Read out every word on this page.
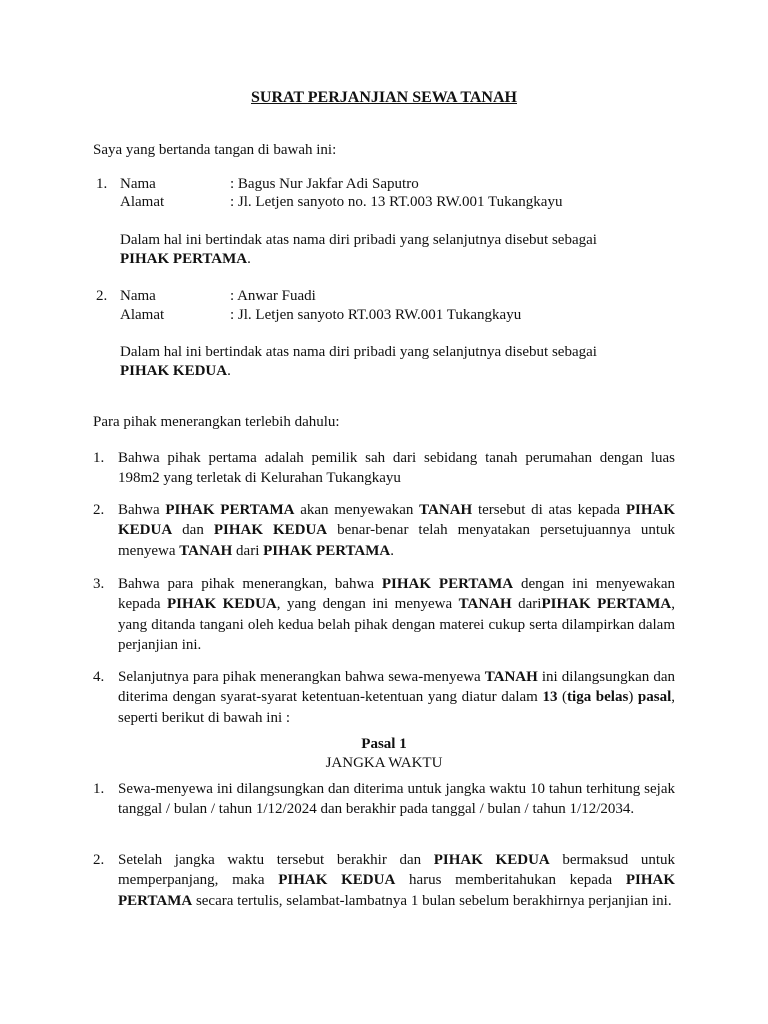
SURAT PERJANJIAN SEWA TANAH
Saya yang bertanda tangan di bawah ini:
1. Nama	: Bagus Nur Jakfar Adi Saputro
Alamat	: Jl. Letjen sanyoto no. 13 RT.003 RW.001 Tukangkayu
Dalam hal ini bertindak atas nama diri pribadi yang selanjutnya disebut sebagai
PIHAK PERTAMA.
2. Nama	: Anwar Fuadi
Alamat	: Jl. Letjen sanyoto RT.003 RW.001 Tukangkayu
Dalam hal ini bertindak atas nama diri pribadi yang selanjutnya disebut sebagai
PIHAK KEDUA.
Para pihak menerangkan terlebih dahulu:
1. Bahwa pihak pertama adalah pemilik sah dari sebidang tanah perumahan dengan luas 198m2 yang terletak di Kelurahan Tukangkayu
2. Bahwa PIHAK PERTAMA akan menyewakan TANAH tersebut di atas kepada PIHAK KEDUA dan PIHAK KEDUA benar-benar telah menyatakan persetujuannya untuk menyewa TANAH dari PIHAK PERTAMA.
3. Bahwa para pihak menerangkan, bahwa PIHAK PERTAMA dengan ini menyewakan kepada PIHAK KEDUA, yang dengan ini menyewa TANAH dariPIHAK PERTAMA, yang ditanda tangani oleh kedua belah pihak dengan materei cukup serta dilampirkan dalam perjanjian ini.
4. Selanjutnya para pihak menerangkan bahwa sewa-menyewa TANAH ini dilangsungkan dan diterima dengan syarat-syarat ketentuan-ketentuan yang diatur dalam 13 (tiga belas) pasal, seperti berikut di bawah ini :
Pasal 1
JANGKA WAKTU
1. Sewa-menyewa ini dilangsungkan dan diterima untuk jangka waktu 10 tahun terhitung sejak tanggal / bulan / tahun 1/12/2024 dan berakhir pada tanggal / bulan / tahun 1/12/2034.
2. Setelah jangka waktu tersebut berakhir dan PIHAK KEDUA bermaksud untuk memperpanjang, maka PIHAK KEDUA harus memberitahukan kepada PIHAK PERTAMA secara tertulis, selambat-lambatnya 1 bulan sebelum berakhirnya perjanjian ini.
